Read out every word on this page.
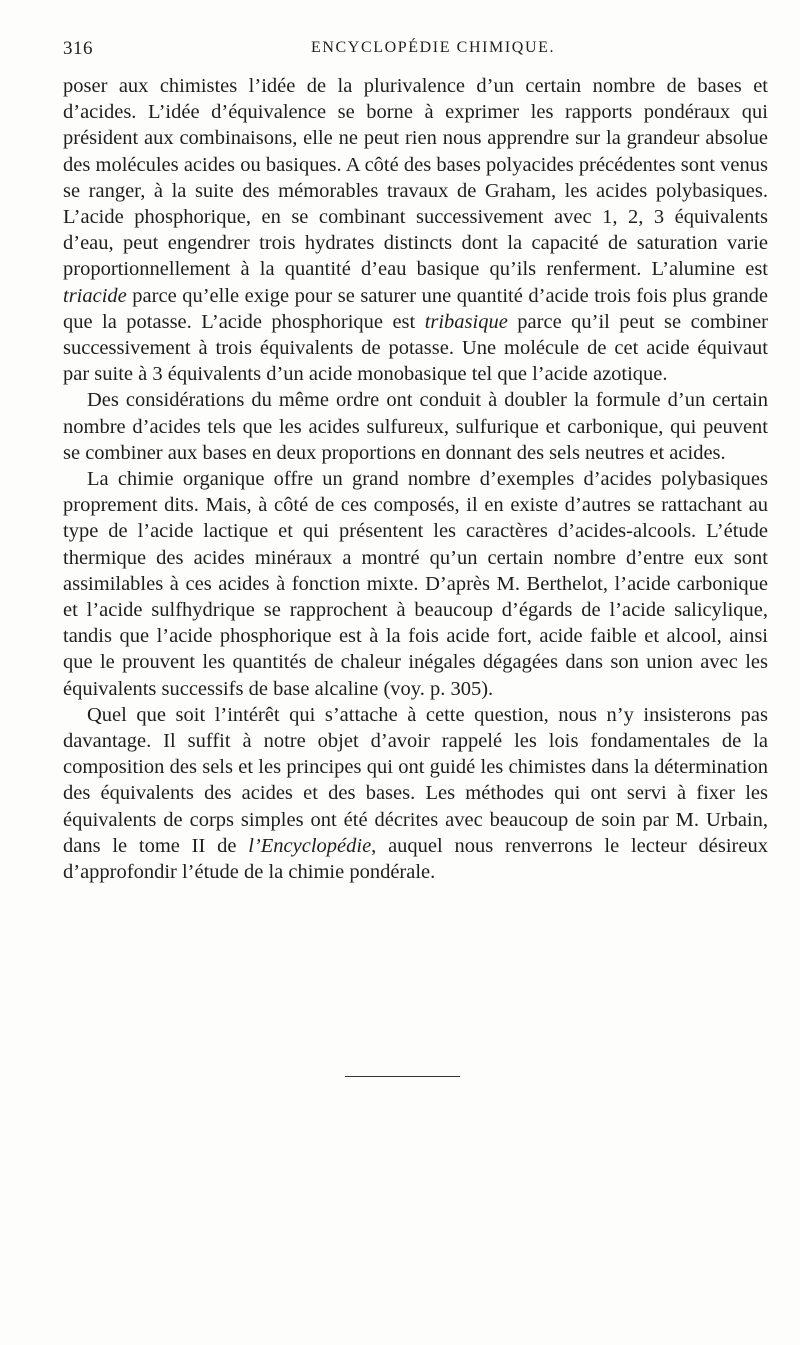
316	ENCYCLOPÉDIE CHIMIQUE.

poser aux chimistes l’idée de la plurivalence d’un certain nombre de bases et d’acides. L’idée d’équivalence se borne à exprimer les rapports pondéraux qui président aux combinaisons, elle ne peut rien nous apprendre sur la grandeur absolue des molécules acides ou basiques. A côté des bases polyacides précédentes sont venus se ranger, à la suite des mémorables travaux de Graham, les acides polybasiques. L’acide phosphorique, en se combinant successivement avec 1, 2, 3 équivalents d’eau, peut engendrer trois hydrates distincts dont la capacité de saturation varie proportionnellement à la quantité d’eau basique qu’ils renferment. L’alumine est triacide parce qu’elle exige pour se saturer une quantité d’acide trois fois plus grande que la potasse. L’acide phosphorique est tribasique parce qu’il peut se combiner successivement à trois équivalents de potasse. Une molécule de cet acide équivaut par suite à 3 équivalents d’un acide monobasique tel que l’acide azotique.

Des considérations du même ordre ont conduit à doubler la formule d’un certain nombre d’acides tels que les acides sulfureux, sulfurique et carbonique, qui peuvent se combiner aux bases en deux proportions en donnant des sels neutres et acides.

La chimie organique offre un grand nombre d’exemples d’acides polybasiques proprement dits. Mais, à côté de ces composés, il en existe d’autres se rattachant au type de l’acide lactique et qui présentent les caractères d’acides-alcools. L’étude thermique des acides minéraux a montré qu’un certain nombre d’entre eux sont assimilables à ces acides à fonction mixte. D’après M. Berthelot, l’acide carbonique et l’acide sulfhydrique se rapprochent à beaucoup d’égards de l’acide salicylique, tandis que l’acide phosphorique est à la fois acide fort, acide faible et alcool, ainsi que le prouvent les quantités de chaleur inégales dégagées dans son union avec les équivalents successifs de base alcaline (voy. p. 305).

Quel que soit l’intérêt qui s’attache à cette question, nous n’y insisterons pas davantage. Il suffit à notre objet d’avoir rappelé les lois fondamentales de la composition des sels et les principes qui ont guidé les chimistes dans la détermination des équivalents des acides et des bases. Les méthodes qui ont servi à fixer les équivalents de corps simples ont été décrites avec beaucoup de soin par M. Urbain, dans le tome II de l’Encyclopédie, auquel nous renverrons le lecteur désireux d’approfondir l’étude de la chimie pondérale.
